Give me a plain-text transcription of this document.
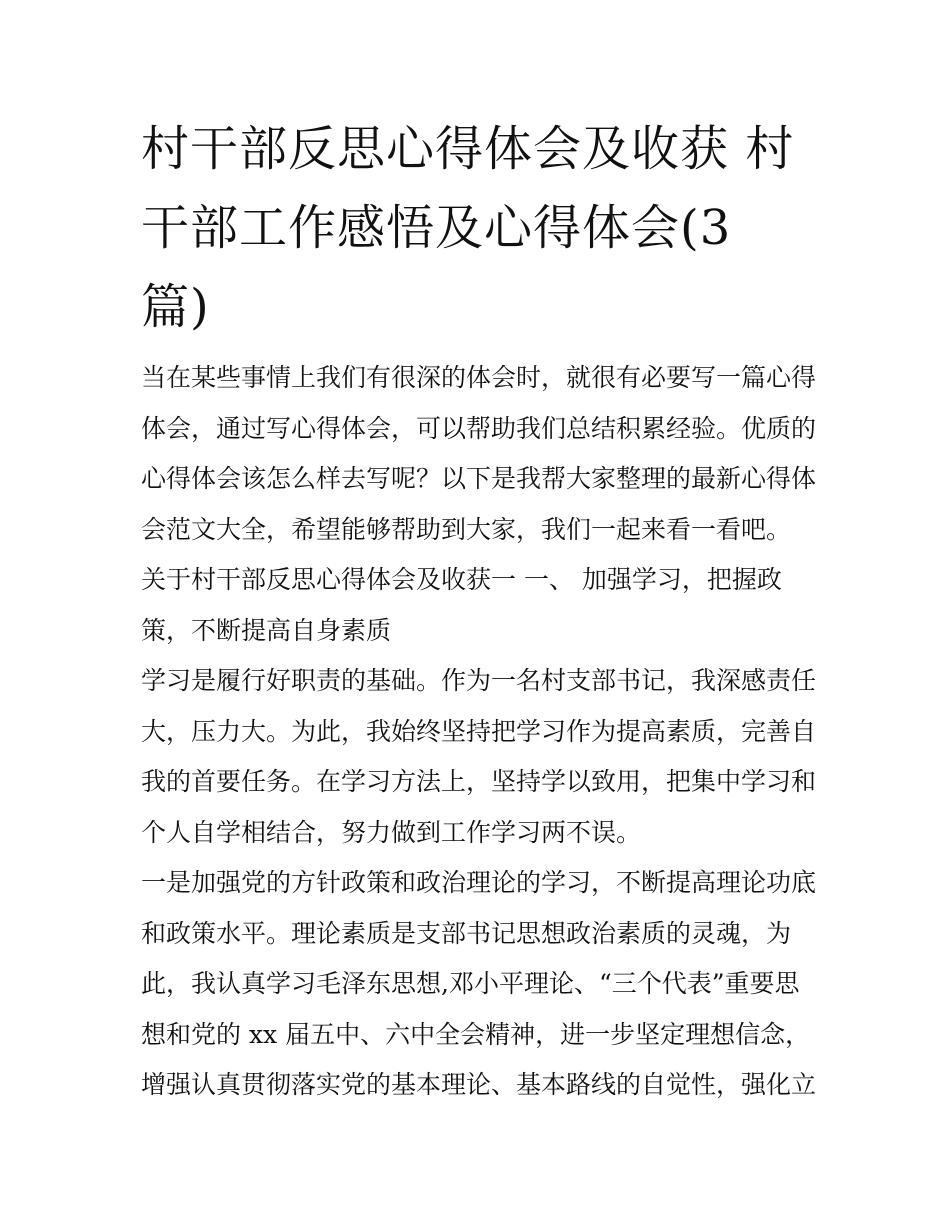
村干部反思心得体会及收获 村
干部工作感悟及心得体会(3
篇)
当在某些事情上我们有很深的体会时，就很有必要写一篇心得
体会，通过写心得体会，可以帮助我们总结积累经验。优质的
心得体会该怎么样去写呢？以下是我帮大家整理的最新心得体
会范文大全，希望能够帮助到大家，我们一起来看一看吧。
关于村干部反思心得体会及收获一 一、 加强学习，把握政
策，不断提高自身素质
学习是履行好职责的基础。作为一名村支部书记，我深感责任
大，压力大。为此，我始终坚持把学习作为提高素质，完善自
我的首要任务。在学习方法上，坚持学以致用，把集中学习和
个人自学相结合，努力做到工作学习两不误。
一是加强党的方针政策和政治理论的学习，不断提高理论功底
和政策水平。理论素质是支部书记思想政治素质的灵魂，为
此，我认真学习毛泽东思想,邓小平理论、“三个代表”重要思
想和党的 xx 届五中、六中全会精神，进一步坚定理想信念，
增强认真贯彻落实党的基本理论、基本路线的自觉性，强化立
